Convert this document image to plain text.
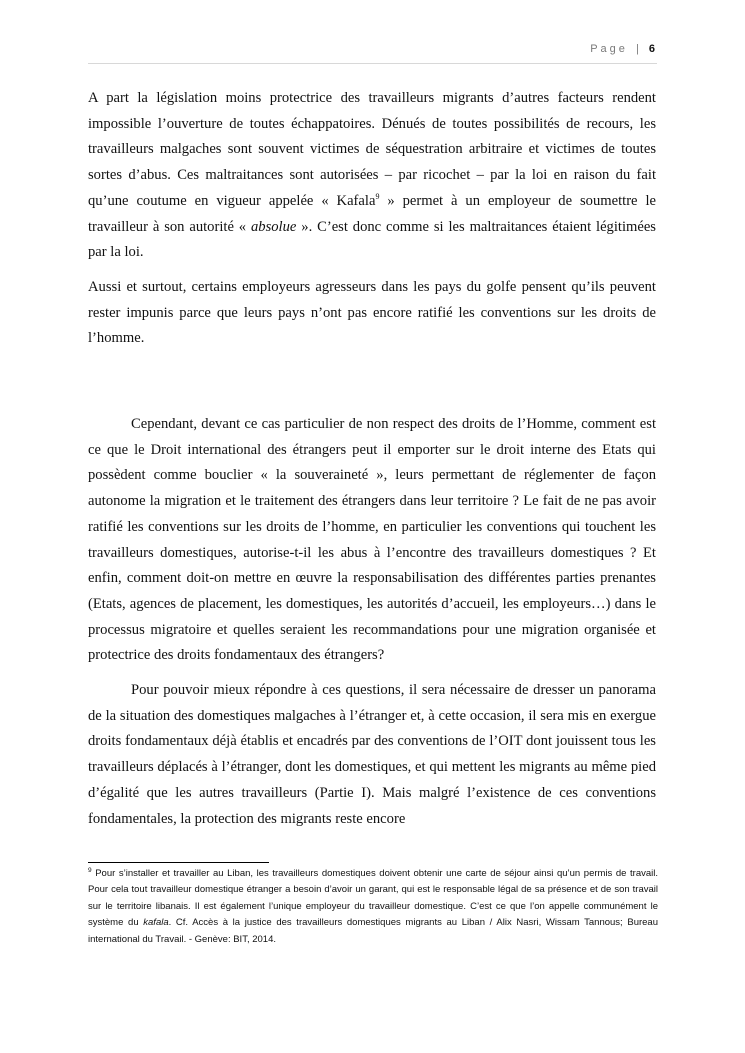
Page | 6

A part la législation moins protectrice des travailleurs migrants d’autres facteurs rendent impossible l’ouverture de toutes échappatoires. Dénués de toutes possibilités de recours, les travailleurs malgaches sont souvent victimes de séquestration arbitraire et victimes de toutes sortes d’abus. Ces maltraitances sont autorisées – par ricochet – par la loi en raison du fait qu’une coutume en vigueur appelée « Kafala$^9$ » permet à un employeur de soumettre le travailleur à son autorité « absolue ». C’est donc comme si les maltraitances étaient légitimées par la loi.

Aussi et surtout, certains employeurs agresseurs dans les pays du golfe pensent qu’ils peuvent rester impunis parce que leurs pays n’ont pas encore ratifié les conventions sur les droits de l’homme.

Cependant, devant ce cas particulier de non respect des droits de l’Homme, comment est ce que le Droit international des étrangers peut il emporter sur le droit interne des Etats qui possèdent comme bouclier « la souveraineté », leurs permettant de réglementer de façon autonome la migration et le traitement des étrangers dans leur territoire ? Le fait de ne pas avoir ratifié les conventions sur les droits de l’homme, en particulier les conventions qui touchent les travailleurs domestiques, autorise-t-il les abus à l’encontre des travailleurs domestiques ? Et enfin, comment doit-on mettre en œuvre la responsabilisation des différentes parties prenantes (Etats, agences de placement, les domestiques, les autorités d’accueil, les employeurs…) dans le processus migratoire et quelles seraient les recommandations pour une migration organisée et protectrice des droits fondamentaux des étrangers?

Pour pouvoir mieux répondre à ces questions, il sera nécessaire de dresser un panorama de la situation des domestiques malgaches à l’étranger et, à cette occasion, il sera mis en exergue droits fondamentaux déjà établis et encadrés par des conventions de l’OIT dont jouissent tous les travailleurs déplacés à l’étranger, dont les domestiques, et qui mettent les migrants au même pied d’égalité que les autres travailleurs (Partie I). Mais malgré l’existence de ces conventions fondamentales, la protection des migrants reste encore

$^9$ Pour s’installer et travailler au Liban, les travailleurs domestiques doivent obtenir une carte de séjour ainsi qu’un permis de travail. Pour cela tout travailleur domestique étranger a besoin d’avoir un garant, qui est le responsable légal de sa présence et de son travail sur le territoire libanais. Il est également l’unique employeur du travailleur domestique. C’est ce que l’on appelle communément le système du kafala. Cf. Accès à la justice des travailleurs domestiques migrants au Liban / Alix Nasri, Wissam Tannous; Bureau international du Travail. - Genève: BIT, 2014.
